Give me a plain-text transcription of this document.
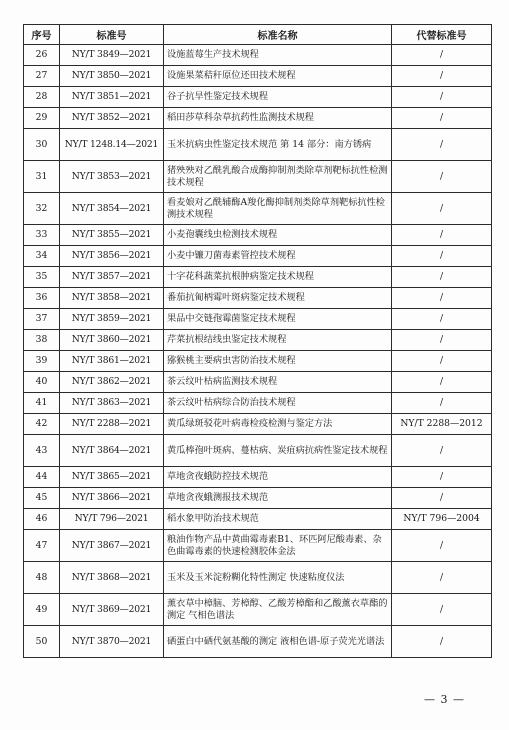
序号	标准号	标准名称	代替标准号
26	NY/T 3849—2021	设施蓝莓生产技术规程	/
27	NY/T 3850—2021	设施果菜秸秆原位还田技术规程	/
28	NY/T 3851—2021	谷子抗旱性鉴定技术规程	/
29	NY/T 3852—2021	稻田莎草科杂草抗药性监测技术规程	/
30	NY/T 1248.14—2021	玉米抗病虫性鉴定技术规范 第 14 部分：南方锈病	/
31	NY/T 3853—2021	猪殃殃对乙酰乳酸合成酶抑制剂类除草剂靶标抗性检测技术规程	/
32	NY/T 3854—2021	看麦娘对乙酰辅酶A羧化酶抑制剂类除草剂靶标抗性检测技术规程	/
33	NY/T 3855—2021	小麦孢囊线虫检测技术规程	/
34	NY/T 3856—2021	小麦中镰刀菌毒素管控技术规程	/
35	NY/T 3857—2021	十字花科蔬菜抗根肿病鉴定技术规程	/
36	NY/T 3858—2021	番茄抗匍柄霉叶斑病鉴定技术规程	/
37	NY/T 3859—2021	果品中交链孢霉菌鉴定技术规程	/
38	NY/T 3860—2021	芹菜抗根结线虫鉴定技术规程	/
39	NY/T 3861—2021	猕猴桃主要病虫害防治技术规程	/
40	NY/T 3862—2021	茶云纹叶枯病监测技术规程	/
41	NY/T 3863—2021	茶云纹叶枯病综合防治技术规程	/
42	NY/T 2288—2021	黄瓜绿斑驳花叶病毒检疫检测与鉴定方法	NY/T 2288—2012
43	NY/T 3864—2021	黄瓜棒孢叶斑病、蔓枯病、炭疽病抗病性鉴定技术规程	/
44	NY/T 3865—2021	草地贪夜蛾防控技术规范	/
45	NY/T 3866—2021	草地贪夜蛾测报技术规范	/
46	NY/T 796—2021	稻水象甲防治技术规范	NY/T 796—2004
47	NY/T 3867—2021	粮油作物产品中黄曲霉毒素B1、环匹阿尼酸毒素、杂色曲霉毒素的快速检测胶体金法	/
48	NY/T 3868—2021	玉米及玉米淀粉糊化特性测定 快速粘度仪法	/
49	NY/T 3869—2021	薰衣草中樟脑、芳樟醇、乙酸芳樟酯和乙酸薰衣草酯的测定 气相色谱法	/
50	NY/T 3870—2021	硒蛋白中硒代氨基酸的测定 液相色谱-原子荧光光谱法	/
— 3 —
